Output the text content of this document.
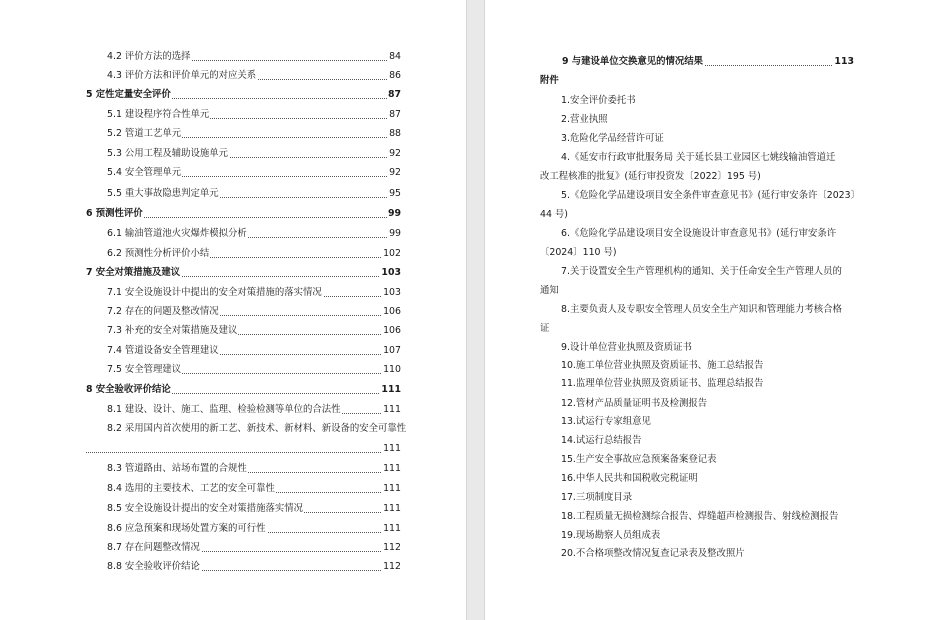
4.2 评价方法的选择	84
4.3 评价方法和评价单元的对应关系	86
5 定性定量安全评价	87
5.1 建设程序符合性单元	87
5.2 管道工艺单元	88
5.3 公用工程及辅助设施单元	92
5.4 安全管理单元	92
5.5 重大事故隐患判定单元	95
6 预测性评价	99
6.1 输油管道池火灾爆炸模拟分析	99
6.2 预测性分析评价小结	102
7 安全对策措施及建议	103
7.1 安全设施设计中提出的安全对策措施的落实情况	103
7.2 存在的问题及整改情况	106
7.3 补充的安全对策措施及建议	106
7.4 管道设备安全管理建议	107
7.5 安全管理建议	110
8 安全验收评价结论	111
8.1 建设、设计、施工、监理、检验检测等单位的合法性	111
8.2 采用国内首次使用的新工艺、新技术、新材料、新设备的安全可靠性
111
8.3 管道路由、站场布置的合规性	111
8.4 选用的主要技术、工艺的安全可靠性	111
8.5 安全设施设计提出的安全对策措施落实情况	111
8.6 应急预案和现场处置方案的可行性	111
8.7 存在问题整改情况	112
8.8 安全验收评价结论	112
9 与建设单位交换意见的情况结果	113
附件
1.安全评价委托书
2.营业执照
3.危险化学品经营许可证
4.《延安市行政审批服务局 关于延长县工业园区七姚线输油管道迁
改工程核准的批复》(延行审投资发〔2022〕195 号)
5.《危险化学品建设项目安全条件审查意见书》(延行审安条许〔2023〕
44 号)
6.《危险化学品建设项目安全设施设计审查意见书》(延行审安条许
〔2024〕110 号)
7.关于设置安全生产管理机构的通知、关于任命安全生产管理人员的
通知
8.主要负责人及专职安全管理人员安全生产知识和管理能力考核合格
证
9.设计单位营业执照及资质证书
10.施工单位营业执照及资质证书、施工总结报告
11.监理单位营业执照及资质证书、监理总结报告
12.管材产品质量证明书及检测报告
13.试运行专家组意见
14.试运行总结报告
15.生产安全事故应急预案备案登记表
16.中华人民共和国税收完税证明
17.三项制度目录
18.工程质量无损检测综合报告、焊缝超声检测报告、射线检测报告
19.现场勘察人员组成表
20.不合格项整改情况复查记录表及整改照片
